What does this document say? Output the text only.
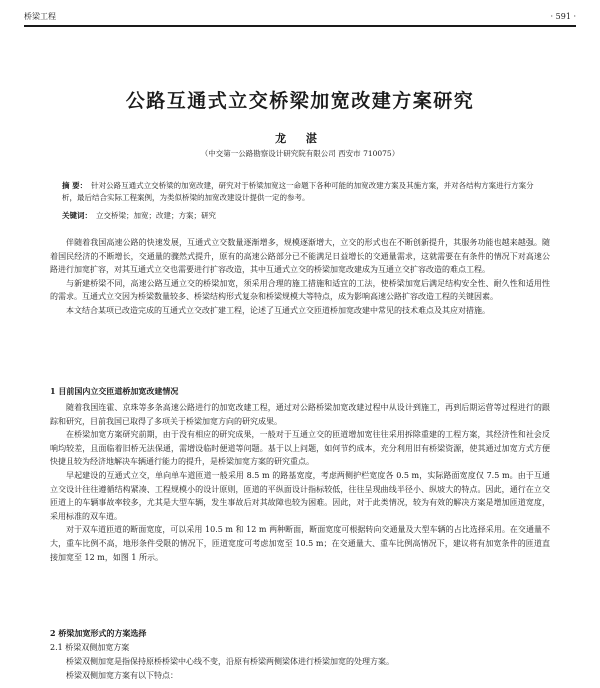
桥梁工程	· 591 ·
公路互通式立交桥梁加宽改建方案研究
龙 湛
（中交第一公路勘察设计研究院有限公司 西安市 710075）
摘 要： 针对公路互通式立交桥梁的加宽改建，研究对于桥梁加宽这一命题下各种可能的加宽改建方案及其施方案，并对各结构方案进行方案分析，最后结合实际工程案例，为类似桥梁的加宽改建设计提供一定的参考。
关键词： 立交桥梁；加宽；改建；方案；研究

伴随着我国高速公路的快速发展，互通式立交数量逐渐增多，规模逐渐增大，立交的形式也在不断创新提升，其服务功能也越来越强。随着国民经济的不断增长，交通量的骤然式提升，原有的高速公路部分已不能满足日益增长的交通量需求，这就需要在有条件的情况下对高速公路进行加宽扩容，对其互通式立交也需要进行扩容改造，其中互通式立交的桥梁加宽改建成为互通立交扩容改造的难点工程。

与新建桥梁不同，高速公路互通立交的桥梁加宽，须采用合理的施工措施和适宜的工法，使桥梁加宽后满足结构安全性、耐久性和适用性的需求。互通式立交因为桥梁数量较多、桥梁结构形式复杂和桥梁规模大等特点，成为影响高速公路扩容改造工程的关键因素。

本文结合某项已改造完成的互通式立交改扩建工程，论述了互通式立交匝道桥加宽改建中常见的技术难点及其应对措施。

1 目前国内立交匝道桥加宽改建情况

随着我国连霍、京珠等多条高速公路进行的加宽改建工程，通过对公路桥梁加宽改建过程中从设计到施工，再到后期运营等过程进行的跟踪和研究，目前我国已取得了多项关于桥梁加宽方向的研究成果。

在桥梁加宽方案研究前期，由于没有相应的研究成果，一般对于互通立交的匝道增加宽往往采用拆除重建的工程方案，其经济性和社会反响均较差，且面临着旧桥无法保通，需增设临时便道等问题。基于以上问题，如何节约成本，充分利用旧有桥梁资源，使其通过加宽方式方便快捷且较为经济地解决车辆通行能力的提升，是桥梁加宽方案的研究重点。

早起建设的互通式立交，单向单车道匝道一般采用 8.5 m 的路基宽度，考虑两侧护栏宽度各 0.5 m，实际路面宽度仅 7.5 m。由于互通立交设计往往遵循结构紧凑、工程规模小的设计原则，匝道的平纵面设计指标较低，往往呈现曲线半径小、纵坡大的特点。因此，通行在立交匝道上的车辆事故率较多，尤其是大型车辆，发生事故后对其故障也较为困难。因此，对于此类情况，较为有效的解决方案是增加匝道宽度，采用标准的双车道。

对于双车道匝道的断面宽度，可以采用 10.5 m 和 12 m 两种断面，断面宽度可根据转向交通量及大型车辆的占比选择采用。在交通量不大，重车比例不高，地形条件受限的情况下，匝道宽度可考虑加宽至 10.5 m；在交通量大、重车比例高情况下，建议将有加宽条件的匝道直接加宽至 12 m，如图 1 所示。

2 桥梁加宽形式的方案选择
2.1 桥梁双侧加宽方案

桥梁双侧加宽是指保持原桥桥梁中心线不变，沿原有桥梁两侧梁体进行桥梁加宽的处理方案。

桥梁双侧加宽方案有以下特点：
